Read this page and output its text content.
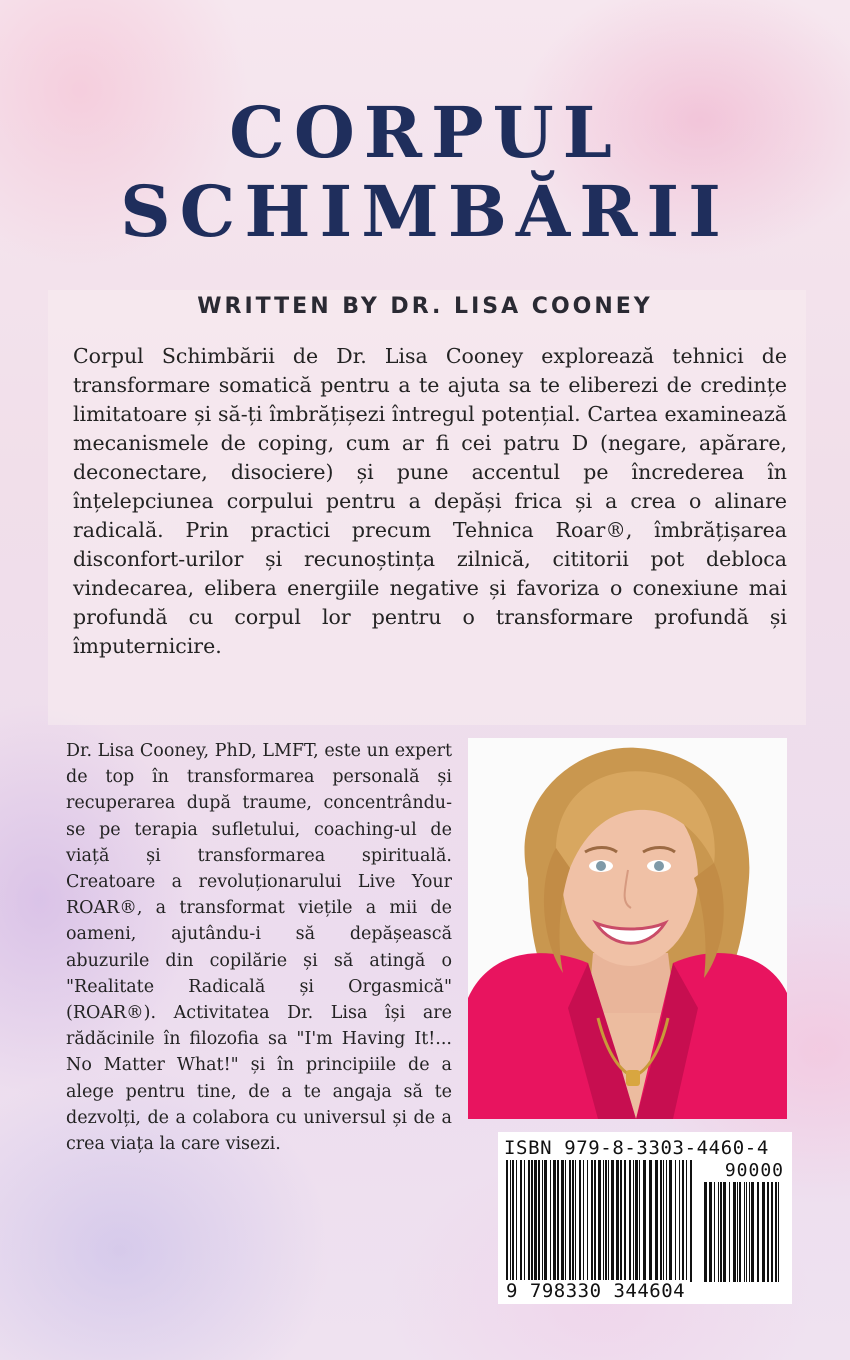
CORPUL
SCHIMBĂRII
WRITTEN BY DR. LISA COONEY
Corpul Schimbării de Dr. Lisa Cooney explorează tehnici de transformare somatică pentru a te ajuta sa te eliberezi de credințe limitatoare și să-ți îmbrățișezi întregul potențial. Cartea examinează mecanismele de coping, cum ar fi cei patru D (negare, apărare, deconectare, disociere) și pune accentul pe încrederea în înțelepciunea corpului pentru a depăși frica și a crea o alinare radicală. Prin practici precum Tehnica Roar®, îmbrățișarea disconfort-urilor și recunoștința zilnică, cititorii pot debloca vindecarea, elibera energiile negative și favoriza o conexiune mai profundă cu corpul lor pentru o transformare profundă și împuternicire.
Dr. Lisa Cooney, PhD, LMFT, este un expert de top în transformarea personală și recuperarea după traume, concentrându-se pe terapia sufletului, coaching-ul de viață și transformarea spirituală. Creatoare a revoluționarului Live Your ROAR®, a transformat viețile a mii de oameni, ajutându-i să depășească abuzurile din copilărie și să atingă o "Realitate Radicală și Orgasmică" (ROAR®). Activitatea Dr. Lisa își are rădăcinile în filozofia sa "I'm Having It!... No Matter What!" și în principiile de a alege pentru tine, de a te angaja să te dezvolți, de a colabora cu universul și de a crea viața la care visezi.	ISBN 979-8-3303-4460-4
90000
9 798330 344604
